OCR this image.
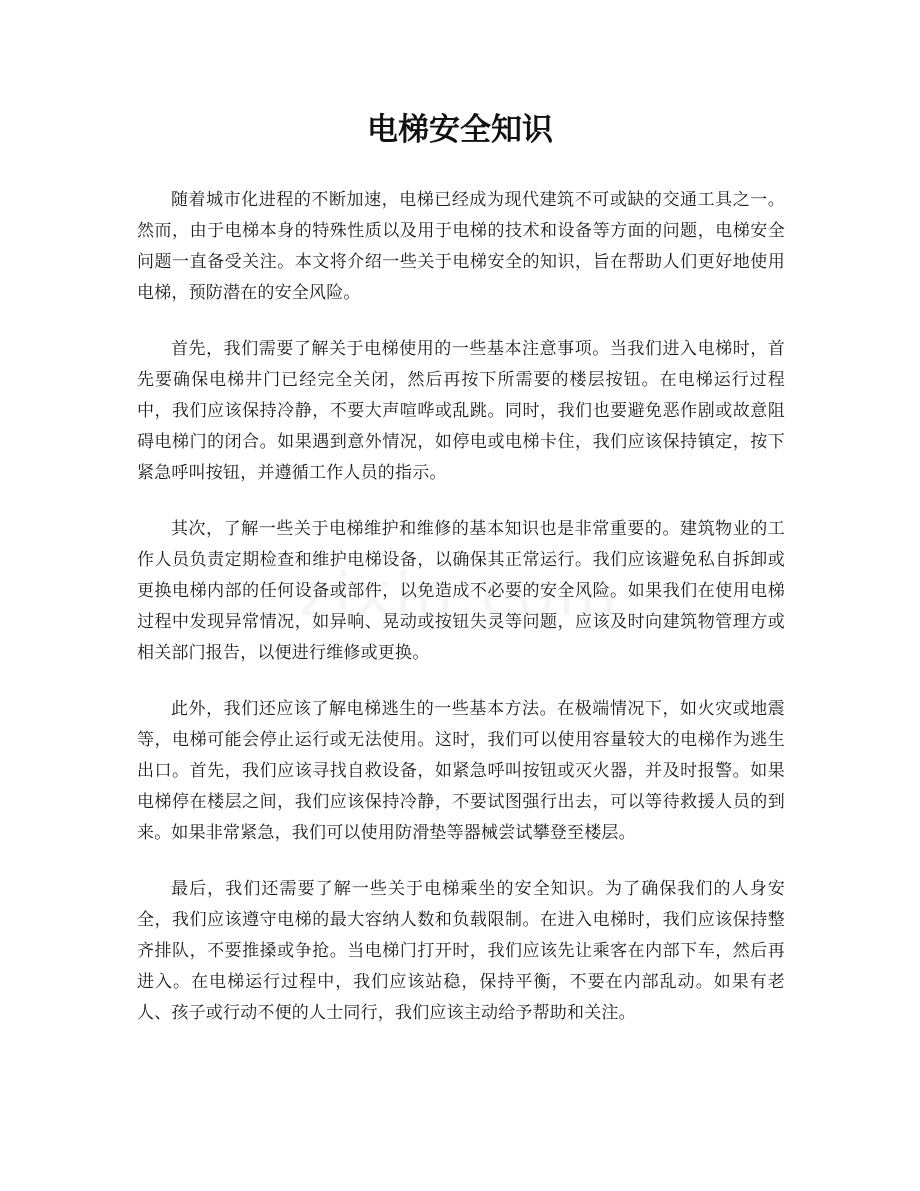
电梯安全知识

随着城市化进程的不断加速，电梯已经成为现代建筑不可或缺的交通工具之一。然而，由于电梯本身的特殊性质以及用于电梯的技术和设备等方面的问题，电梯安全问题一直备受关注。本文将介绍一些关于电梯安全的知识，旨在帮助人们更好地使用电梯，预防潜在的安全风险。

首先，我们需要了解关于电梯使用的一些基本注意事项。当我们进入电梯时，首先要确保电梯井门已经完全关闭，然后再按下所需要的楼层按钮。在电梯运行过程中，我们应该保持冷静，不要大声喧哗或乱跳。同时，我们也要避免恶作剧或故意阻碍电梯门的闭合。如果遇到意外情况，如停电或电梯卡住，我们应该保持镇定，按下紧急呼叫按钮，并遵循工作人员的指示。

其次，了解一些关于电梯维护和维修的基本知识也是非常重要的。建筑物业的工作人员负责定期检查和维护电梯设备，以确保其正常运行。我们应该避免私自拆卸或更换电梯内部的任何设备或部件，以免造成不必要的安全风险。如果我们在使用电梯过程中发现异常情况，如异响、晃动或按钮失灵等问题，应该及时向建筑物管理方或相关部门报告，以便进行维修或更换。

此外，我们还应该了解电梯逃生的一些基本方法。在极端情况下，如火灾或地震等，电梯可能会停止运行或无法使用。这时，我们可以使用容量较大的电梯作为逃生出口。首先，我们应该寻找自救设备，如紧急呼叫按钮或灭火器，并及时报警。如果电梯停在楼层之间，我们应该保持冷静，不要试图强行出去，可以等待救援人员的到来。如果非常紧急，我们可以使用防滑垫等器械尝试攀登至楼层。

最后，我们还需要了解一些关于电梯乘坐的安全知识。为了确保我们的人身安全，我们应该遵守电梯的最大容纳人数和负载限制。在进入电梯时，我们应该保持整齐排队，不要推搡或争抢。当电梯门打开时，我们应该先让乘客在内部下车，然后再进入。在电梯运行过程中，我们应该站稳，保持平衡，不要在内部乱动。如果有老人、孩子或行动不便的人士同行，我们应该主动给予帮助和关注。
